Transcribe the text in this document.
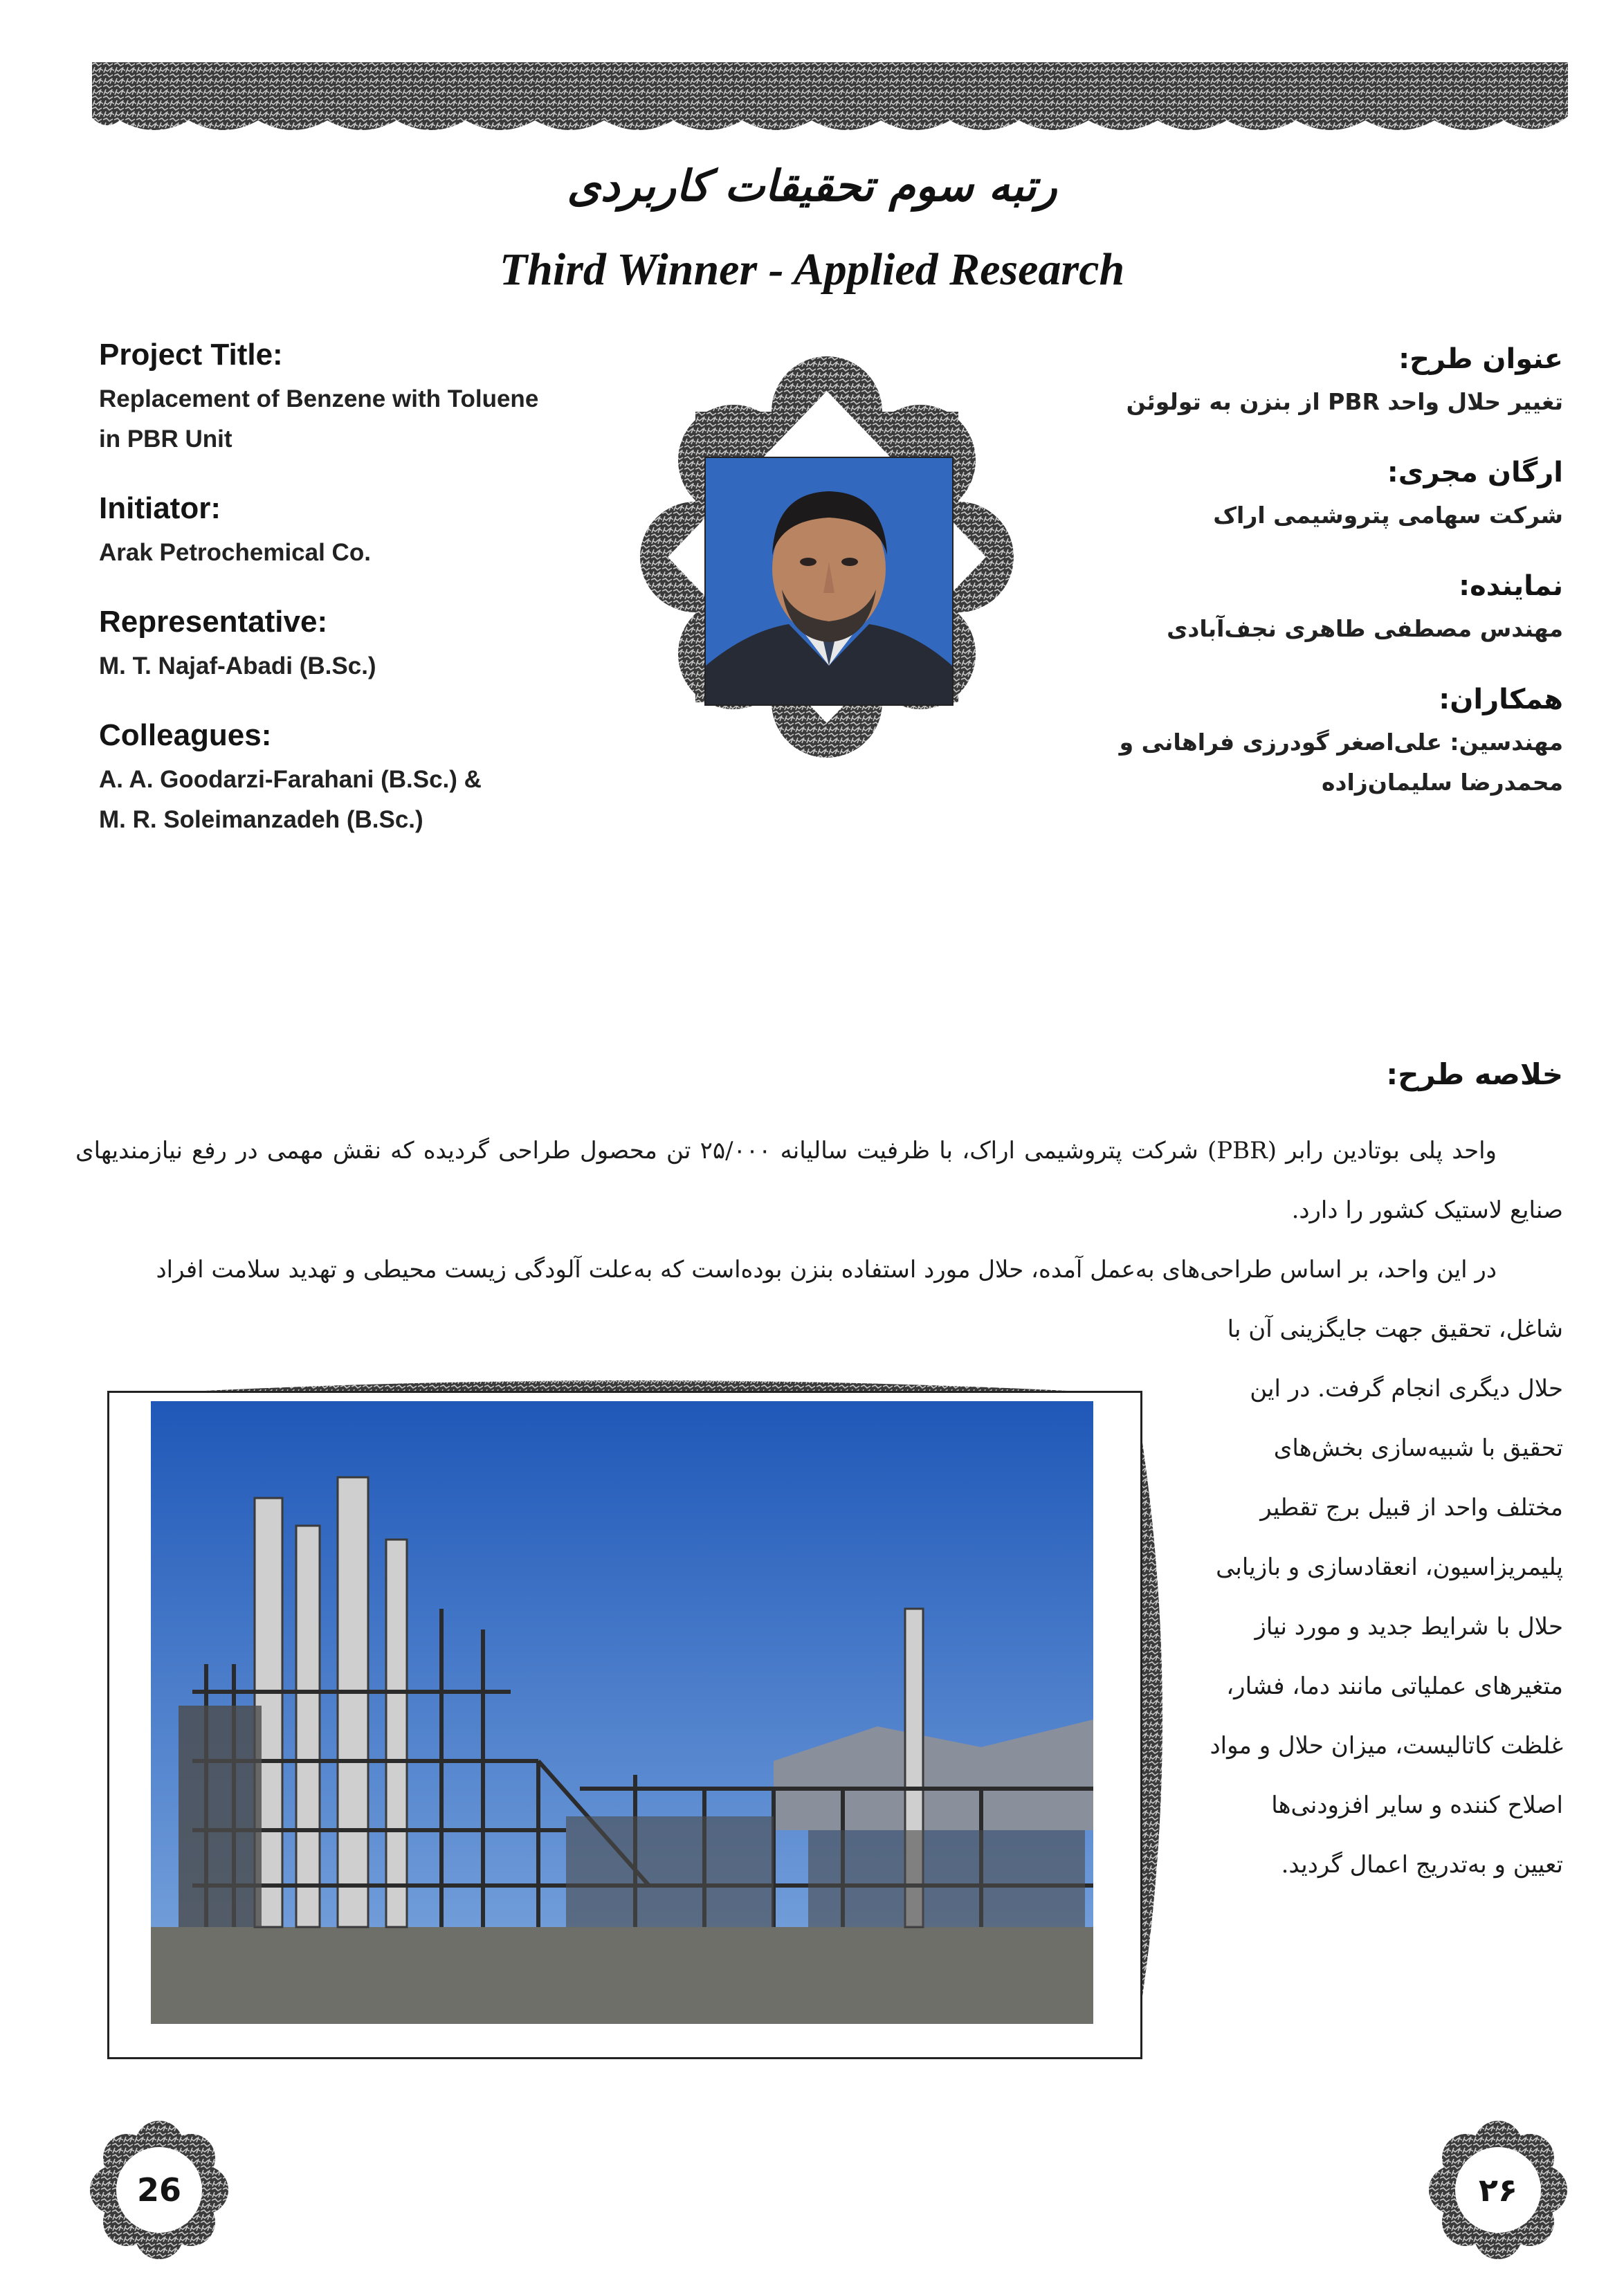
رتبه سوم تحقیقات کاربردی
Third Winner - Applied Research
Project Title:
Replacement of Benzene with Toluene
in PBR Unit
Initiator:
Arak Petrochemical Co.
Representative:
M. T. Najaf-Abadi (B.Sc.)
Colleagues:
A. A. Goodarzi-Farahani (B.Sc.) &
M. R. Soleimanzadeh (B.Sc.)
عنوان طرح:
تغییر حلال واحد PBR از بنزن به تولوئن
ارگان مجری:
شرکت سهامی پتروشیمی اراک
نماینده:
مهندس مصطفی طاهری نجف‌آبادی
همکاران:
مهندسین: علی‌اصغر گودرزی فراهانی و
محمدرضا سلیمان‌زاده
خلاصه طرح:
واحد پلی بوتادین رابر (PBR) شرکت پتروشیمی اراک، با ظرفیت سالیانه ۲۵/۰۰۰ تن محصول طراحی گردیده که نقش مهمی در رفع نیازمندیهای صنایع لاستیک کشور را دارد.
در این واحد، بر اساس طراحی‌های به‌عمل آمده، حلال مورد استفاده بنزن بوده‌است که به‌علت آلودگی زیست محیطی و تهدید سلامت افراد
شاغل، تحقیق جهت جایگزینی آن با
حلال دیگری انجام گرفت. در این
تحقیق با شبیه‌سازی بخش‌های
مختلف واحد از قبیل برج تقطیر
پلیمریزاسیون، انعقادسازی و بازیابی
حلال با شرایط جدید و مورد نیاز
متغیرهای عملیاتی مانند دما، فشار،
غلظت کاتالیست، میزان حلال و مواد
اصلاح کننده و سایر افزودنی‌ها
تعیین و به‌تدریج اعمال گردید.
26	۲۶
